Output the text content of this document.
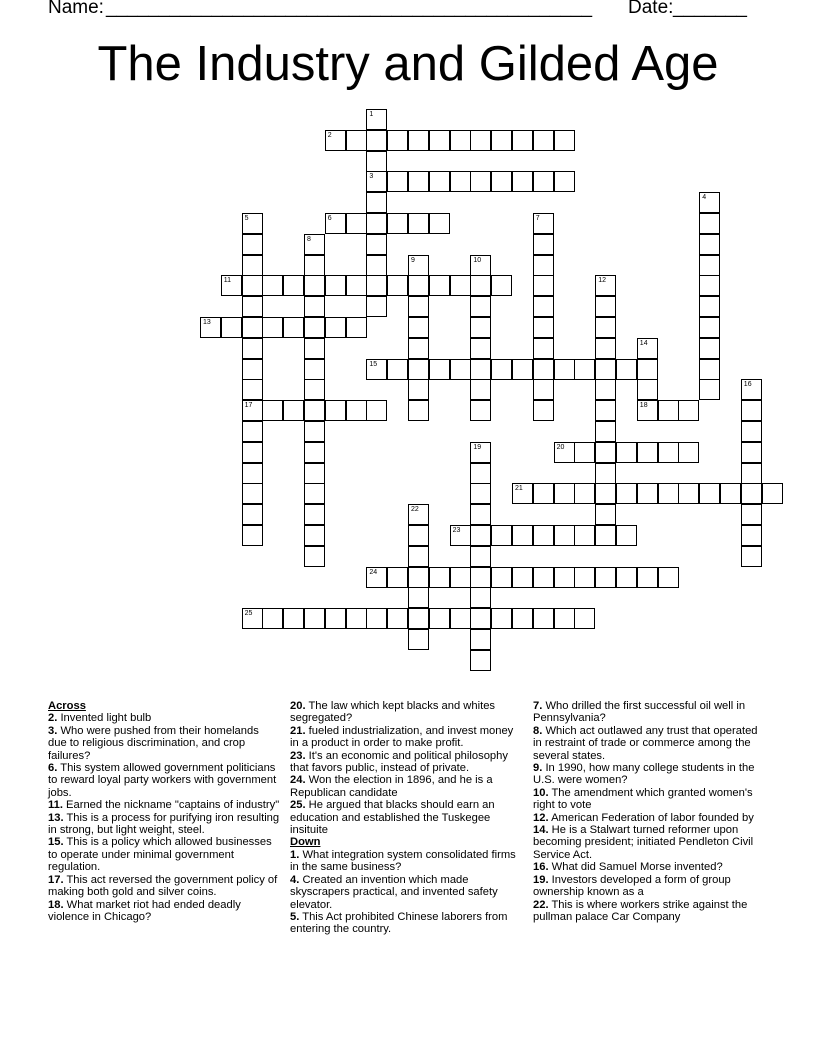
Name: ______________________________________________ Date: _______
The Industry and Gilded Age
1
3
2
4
5
17
6	7
8
9	10
11	12
13
14
15
16
18
19	20
21
22
23
24
25
Across
2. Invented light bulb
3. Who were pushed from their homelands due to religious discrimination, and crop failures?
6. This system allowed government politicians to reward loyal party workers with government jobs.
11. Earned the nickname "captains of industry"
13. This is a process for purifying iron resulting in strong, but light weight, steel.
15. This is a policy which allowed businesses to operate under minimal government regulation.
17. This act reversed the government policy of making both gold and silver coins.
18. What market riot had ended deadly violence in Chicago?
20. The law which kept blacks and whites segregated?
21. fueled industrialization, and invest money in a product in order to make profit.
23. It's an economic and political philosophy that favors public, instead of private.
24. Won the election in 1896, and he is a Republican candidate
25. He argued that blacks should earn an education and established the Tuskegee insituite
Down
1. What integration system consolidated firms in the same business?
4. Created an invention which made skyscrapers practical, and invented safety elevator.
5. This Act prohibited Chinese laborers from entering the country.
7. Who drilled the first successful oil well in Pennsylvania?
8. Which act outlawed any trust that operated in restraint of trade or commerce among the several states.
9. In 1990, how many college students in the U.S. were women?
10. The amendment which granted women's right to vote
12. American Federation of labor founded by
14. He is a Stalwart turned reformer upon becoming president; initiated Pendleton Civil Service Act.
16. What did Samuel Morse invented?
19. Investors developed a form of group ownership known as a
22. This is where workers strike against the pullman palace Car Company
